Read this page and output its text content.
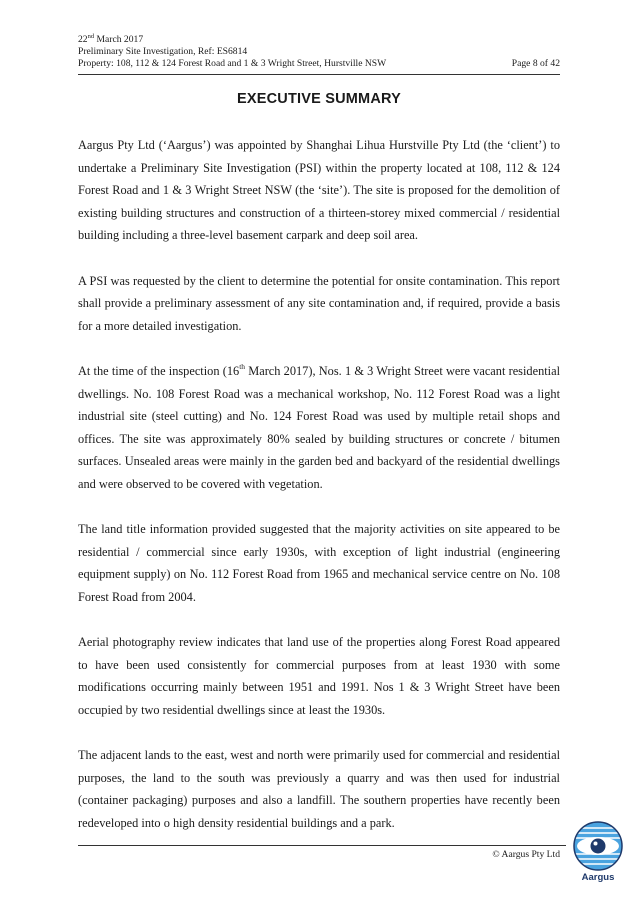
22nd March 2017
Preliminary Site Investigation, Ref: ES6814
Property: 108, 112 & 124 Forest Road and 1 & 3 Wright Street, Hurstville NSW	Page 8 of 42
EXECUTIVE SUMMARY

Aargus Pty Ltd (‘Aargus’) was appointed by Shanghai Lihua Hurstville Pty Ltd (the ‘client’) to undertake a Preliminary Site Investigation (PSI) within the property located at 108, 112 & 124 Forest Road and 1 & 3 Wright Street NSW (the ‘site’). The site is proposed for the demolition of existing building structures and construction of a thirteen-storey mixed commercial / residential building including a three-level basement carpark and deep soil area.

A PSI was requested by the client to determine the potential for onsite contamination. This report shall provide a preliminary assessment of any site contamination and, if required, provide a basis for a more detailed investigation.

At the time of the inspection (16th March 2017), Nos. 1 & 3 Wright Street were vacant residential dwellings. No. 108 Forest Road was a mechanical workshop, No. 112 Forest Road was a light industrial site (steel cutting) and No. 124 Forest Road was used by multiple retail shops and offices. The site was approximately 80% sealed by building structures or concrete / bitumen surfaces. Unsealed areas were mainly in the garden bed and backyard of the residential dwellings and were observed to be covered with vegetation.

The land title information provided suggested that the majority activities on site appeared to be residential / commercial since early 1930s, with exception of light industrial (engineering equipment supply) on No. 112 Forest Road from 1965 and mechanical service centre on No. 108 Forest Road from 2004.

Aerial photography review indicates that land use of the properties along Forest Road appeared to have been used consistently for commercial purposes from at least 1930 with some modifications occurring mainly between 1951 and 1991. Nos 1 & 3 Wright Street have been occupied by two residential dwellings since at least the 1930s.

The adjacent lands to the east, west and north were primarily used for commercial and residential purposes, the land to the south was previously a quarry and was then used for industrial (container packaging) purposes and also a landfill. The southern properties have recently been redeveloped into o high density residential buildings and a park.

© Aargus Pty Ltd
Aargus
